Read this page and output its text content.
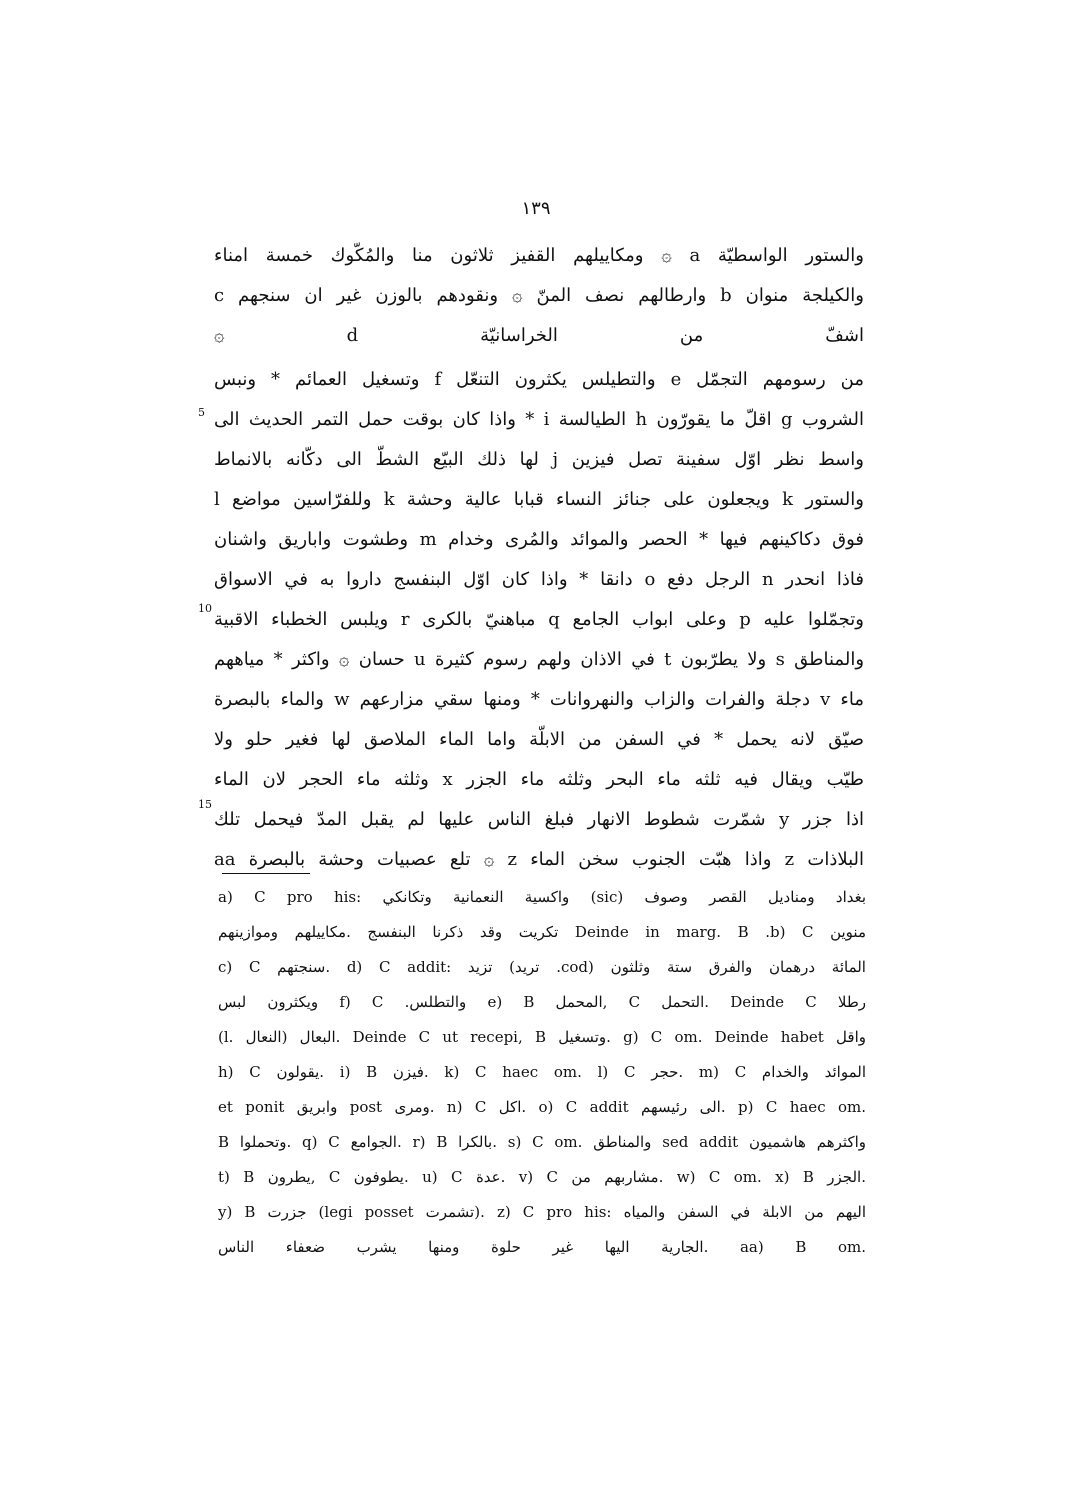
١٣٩
والستور الواسطيّة a ۞ ومكاييلهم القفيز ثلاثون منا والمُكّوك خمسة امناء
والكيلجة منوان b وارطالهم نصف المنّ ۞ ونقودهم بالوزن غير ان سنجهم c
اشفّ من الخراسانيّة d ۞
من رسومهم التجمّل e والتطيلس يكثرون التنعّل f وتسغيل العمائم * ونبس
الشروب g اقلّ ما يقورّون h الطيالسة i * واذا كان بوقت حمل التمر الحديث الى
واسط نظر اوّل سفينة تصل فيزين j لها ذلك البيّع الشطّ الى دكّانه بالانماط
والستور k ويجعلون على جنائز النساء قبابا عالية وحشة k وللفرّاسين مواضع l
فوق دكاكينهم فيها * الحصر والموائد والمُرى وخدام m وطشوت واباريق واشنان
فاذا انحدر n الرجل دفع o دانقا * واذا كان اوّل البنفسج داروا به في الاسواق
وتجمّلوا عليه p وعلى ابواب الجامع q مباهنيّ بالكرى r ويلبس الخطباء الاقبية
والمناطق s ولا يطرّبون t في الاذان ولهم رسوم كثيرة u حسان ۞ واكثر * مياههم
ماء v دجلة والفرات والزاب والنهروانات * ومنها سقي مزارعهم w والماء بالبصرة
صيّق لانه يحمل * في السفن من الابلّة واما الماء الملاصق لها فغير حلو ولا
طيّب ويقال فيه ثلثه ماء البحر وثلثه ماء الجزر x وثلثه ماء الحجر لان الماء
اذا جزر y شمّرت شطوط الانهار فبلغ الناس عليها لم يقبل المدّ فيحمل تلك
البلاذات z واذا هبّت الجنوب سخن الماء z ۞ تلع عصبيات وحشة بالبصرة aa
5
10
15
a) C pro his: واكسية النعمانية وتكانكي (sic) بغداد ومناديل القصر وصوف
تكريت وقد ذكرنا البنفسج .مكاييلهم وموازينهم Deinde in marg. B .b) C منوين
c) C سنجتهم. d) C addit: تزيد (تريد .cod) المائة درهمان والفرق ستة وثلثون
ويكثرون لبس f) C .والتطلس e) B المحمل, C التحمل. Deinde C رطلا
(l. النعال) البعال. Deinde C ut recepi, B وتسغيل. g) C om. Deinde habet واقل
h) C يقولون. i) B فيزن. k) C haec om. l) C حجر. m) C الموائد والخدام
et ponit وابريق post ومرى. n) C اكل. o) C addit الى رئيسهم. p) C haec om.
B وتحملوا. q) C الجوامع. r) B بالكرا. s) C om. والمناطق sed addit واكثرهم هاشميون
t) B يطرون, C يطوفون. u) C عدة. v) C مشاربهم من. w) C om. x) B الجزر.
y) B جزرت (legi posset تشمرت). z) C pro his: اليهم من الابلة في السفن والمياه
الجارية اليها غير حلوة ومنها يشرب ضعفاء الناس. aa) B om.
